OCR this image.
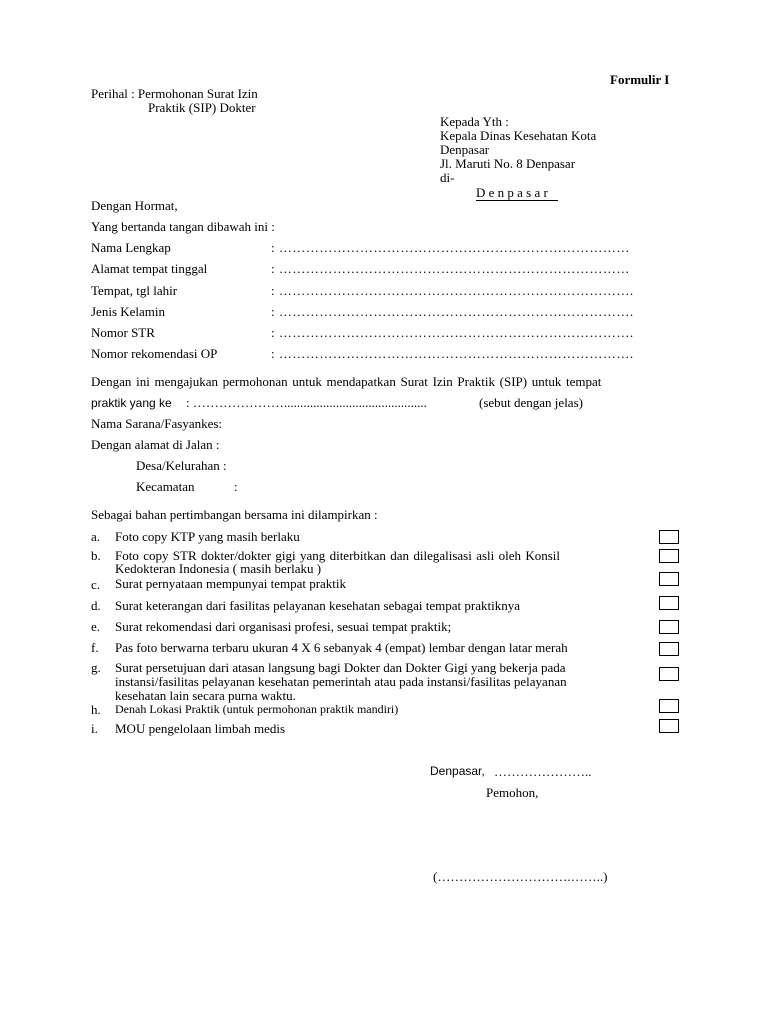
Formulir I
Perihal : Permohonan Surat Izin
Praktik (SIP) Dokter
Kepada Yth :
Kepala Dinas Kesehatan Kota
Denpasar
Jl. Maruti No. 8 Denpasar
di-
D e n p a s a r
Dengan Hormat,
Yang bertanda tangan dibawah ini :
Nama Lengkap	: ……………………………………………………………………
Alamat tempat tinggal	: ……………………………………………………………………
Tempat, tgl lahir	: …………………………………………………………………….
Jenis Kelamin	: …………………………………………………………………….
Nomor STR	: …………………………………………………………………….
Nomor rekomendasi OP	: …………………………………………………………………….
Dengan ini mengajukan permohonan untuk mendapatkan Surat Izin Praktik (SIP) untuk tempat
praktik yang ke : …………………............................................	(sebut dengan jelas)
Nama Sarana/Fasyankes:
Dengan alamat di Jalan :
Desa/Kelurahan :
Kecamatan	:
Sebagai bahan pertimbangan bersama ini dilampirkan :
a. Foto copy KTP yang masih berlaku
b. Foto copy STR dokter/dokter gigi yang diterbitkan dan dilegalisasi asli oleh Konsil
Kedokteran Indonesia ( masih berlaku )
c. Surat pernyataan mempunyai tempat praktik
d. Surat keterangan dari fasilitas pelayanan kesehatan sebagai tempat praktiknya
e. Surat rekomendasi dari organisasi profesi, sesuai tempat praktik;
f. Pas foto berwarna terbaru ukuran 4 X 6 sebanyak 4 (empat) lembar dengan latar merah
g. Surat persetujuan dari atasan langsung bagi Dokter dan Dokter Gigi yang bekerja pada
instansi/fasilitas pelayanan kesehatan pemerintah atau pada instansi/fasilitas pelayanan
kesehatan lain secara purna waktu.
h. Denah Lokasi Praktik (untuk permohonan praktik mandiri)
i. MOU pengelolaan limbah medis
Denpasar, …………………..
Pemohon,
(………………………….……..)
